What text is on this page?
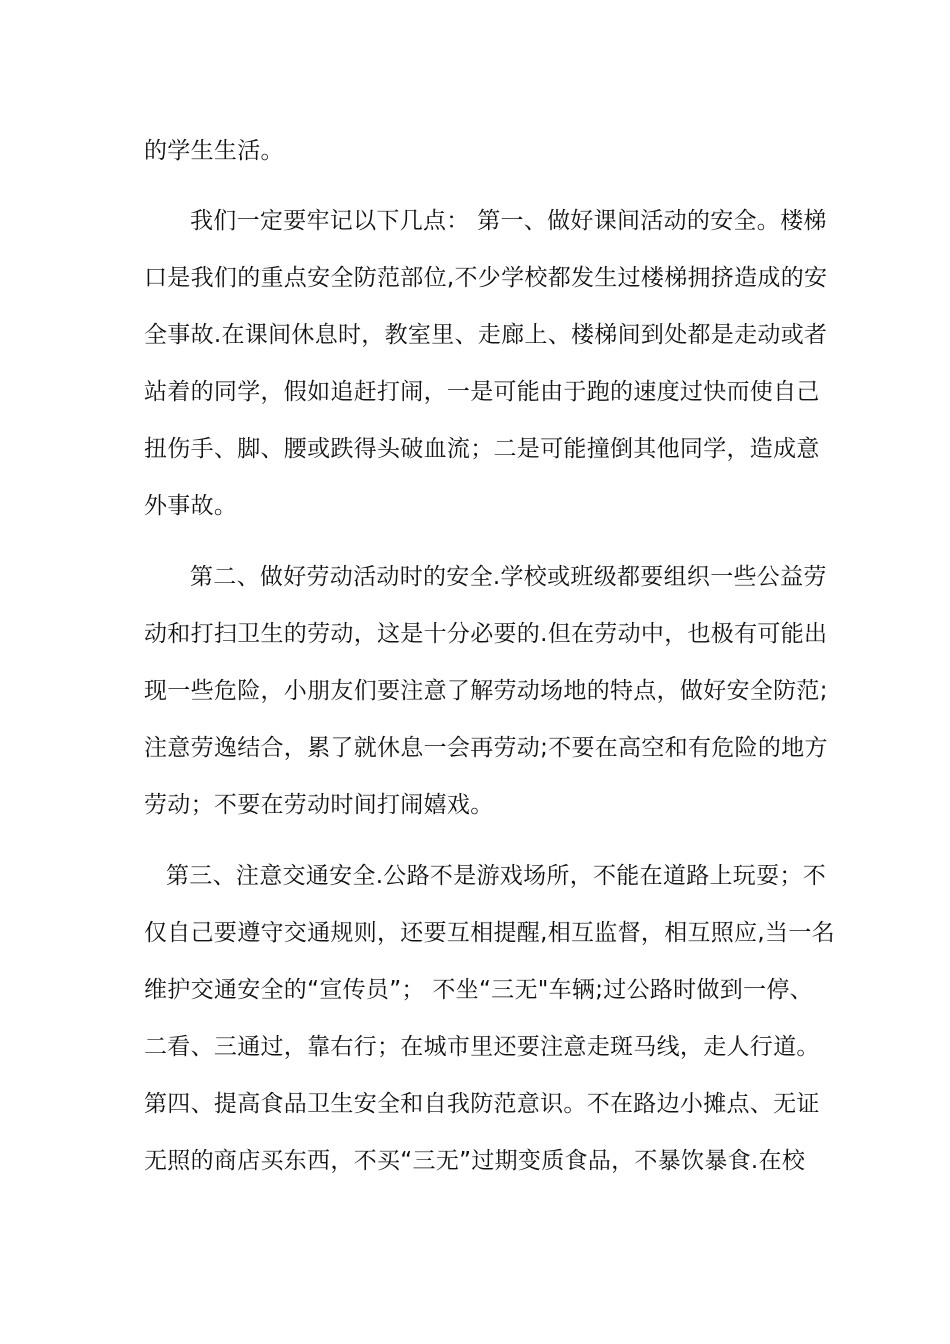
的学生生活。
我们一定要牢记以下几点： 第一、做好课间活动的安全。楼梯
口是我们的重点安全防范部位,不少学校都发生过楼梯拥挤造成的安
全事故.在课间休息时，教室里、走廊上、楼梯间到处都是走动或者
站着的同学，假如追赶打闹，一是可能由于跑的速度过快而使自己
扭伤手、脚、腰或跌得头破血流；二是可能撞倒其他同学，造成意
外事故。
第二、做好劳动活动时的安全.学校或班级都要组织一些公益劳
动和打扫卫生的劳动，这是十分必要的.但在劳动中，也极有可能出
现一些危险，小朋友们要注意了解劳动场地的特点，做好安全防范;
注意劳逸结合，累了就休息一会再劳动;不要在高空和有危险的地方
劳动；不要在劳动时间打闹嬉戏。
第三、注意交通安全.公路不是游戏场所，不能在道路上玩耍；不
仅自己要遵守交通规则，还要互相提醒,相互监督，相互照应,当一名
维护交通安全的“宣传员”； 不坐“三无"车辆;过公路时做到一停、
二看、三通过，靠右行；在城市里还要注意走斑马线，走人行道。
第四、提高食品卫生安全和自我防范意识。不在路边小摊点、无证
无照的商店买东西，不买“三无”过期变质食品，不暴饮暴食.在校
